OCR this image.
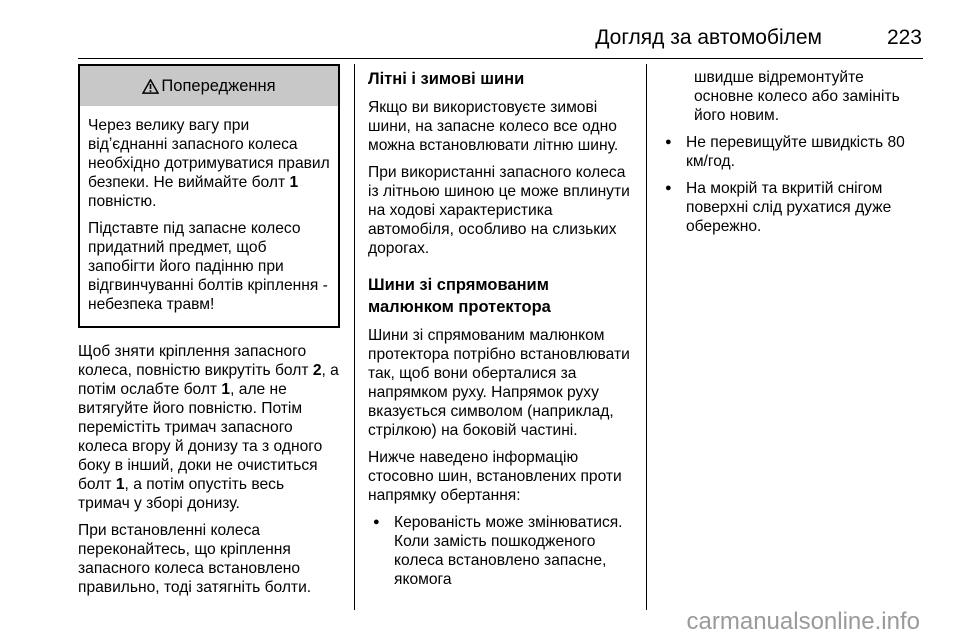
Догляд за автомобілем	223
Попередження

Через велику вагу при відʼєднанні запасного колеса необхідно дотримуватися правил безпеки. Не виймайте болт 1 повністю.

Підставте під запасне колесо придатний предмет, щоб запобігти його падінню при відгвинчуванні болтів кріплення - небезпека травм!

Щоб зняти кріплення запасного колеса, повністю викрутіть болт 2, а потім ослабте болт 1, але не витягуйте його повністю. Потім перемістіть тримач запасного колеса вгору й донизу та з одного боку в інший, доки не очиститься болт 1, а потім опустіть весь тримач у зборі донизу.

При встановленні колеса переконайтесь, що кріплення запасного колеса встановлено правильно, тоді затягніть болти.

Літні і зимові шини

Якщо ви використовуєте зимові шини, на запасне колесо все одно можна встановлювати літню шину.

При використанні запасного колеса із літньою шиною це може вплинути на ходові характеристика автомобіля, особливо на слизьких дорогах.

Шини зі спрямованим малюнком протектора

Шини зі спрямованим малюнком протектора потрібно встановлювати так, щоб вони оберталися за напрямком руху. Напрямок руху вказується символом (наприклад, стрілкою) на боковій частині.

Нижче наведено інформацію стосовно шин, встановлених проти напрямку обертання:

● Керованість може змінюватися. Коли замість пошкодженого колеса встановлено запасне, якомога

швидше відремонтуйте основне колесо або замініть його новим.

● Не перевищуйте швидкість 80 км/год.
● На мокрій та вкритій снігом поверхні слід рухатися дуже обережно.
carmanualsonline.info
